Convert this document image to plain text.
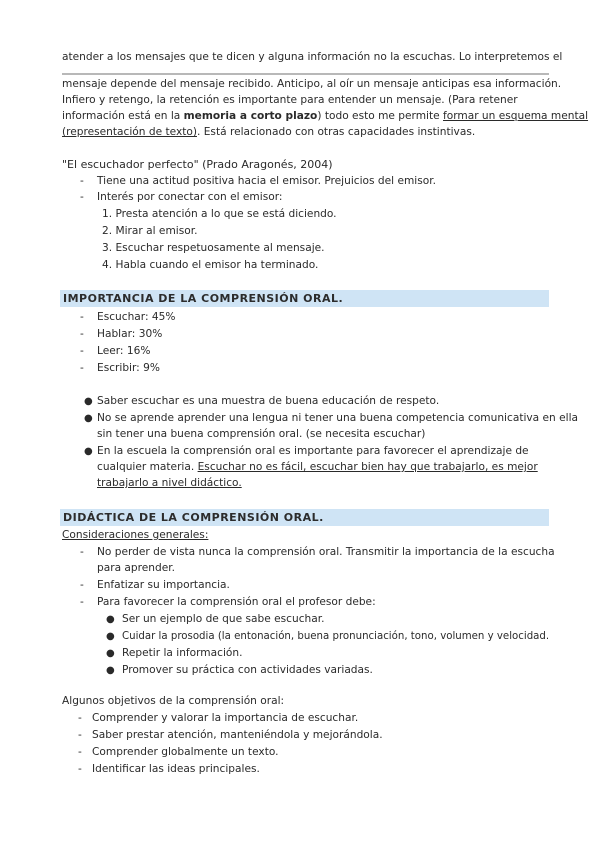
atender a los mensajes que te dicen y alguna información no la escuchas. Lo interpretemos el
mensaje depende del mensaje recibido. Anticipo, al oír un mensaje anticipas esa información.
Infiero y retengo, la retención es importante para entender un mensaje. (Para retener
información está en la memoria a corto plazo) todo esto me permite formar un esquema mental
(representación de texto). Está relacionado con otras capacidades instintivas.
"El escuchador perfecto" (Prado Aragonés, 2004)
- Tiene una actitud positiva hacia el emisor. Prejuicios del emisor.
- Interés por conectar con el emisor:
1. Presta atención a lo que se está diciendo.
2. Mirar al emisor.
3. Escuchar respetuosamente al mensaje.
4. Habla cuando el emisor ha terminado.
IMPORTANCIA DE LA COMPRENSIÓN ORAL.
- Escuchar: 45%
- Hablar: 30%
- Leer: 16%
- Escribir: 9%
● Saber escuchar es una muestra de buena educación de respeto.
● No se aprende aprender una lengua ni tener una buena competencia comunicativa en ella
sin tener una buena comprensión oral. (se necesita escuchar)
● En la escuela la comprensión oral es importante para favorecer el aprendizaje de
cualquier materia. Escuchar no es fácil, escuchar bien hay que trabajarlo, es mejor
trabajarlo a nivel didáctico.
DIDÁCTICA DE LA COMPRENSIÓN ORAL.
Consideraciones generales:
- No perder de vista nunca la comprensión oral. Transmitir la importancia de la escucha
para aprender.
- Enfatizar su importancia.
- Para favorecer la comprensión oral el profesor debe:
● Ser un ejemplo de que sabe escuchar.
● Cuidar la prosodia (la entonación, buena pronunciación, tono, volumen y velocidad.
● Repetir la información.
● Promover su práctica con actividades variadas.
Algunos objetivos de la comprensión oral:
- Comprender y valorar la importancia de escuchar.
- Saber prestar atención, manteniéndola y mejorándola.
- Comprender globalmente un texto.
- Identificar las ideas principales.
